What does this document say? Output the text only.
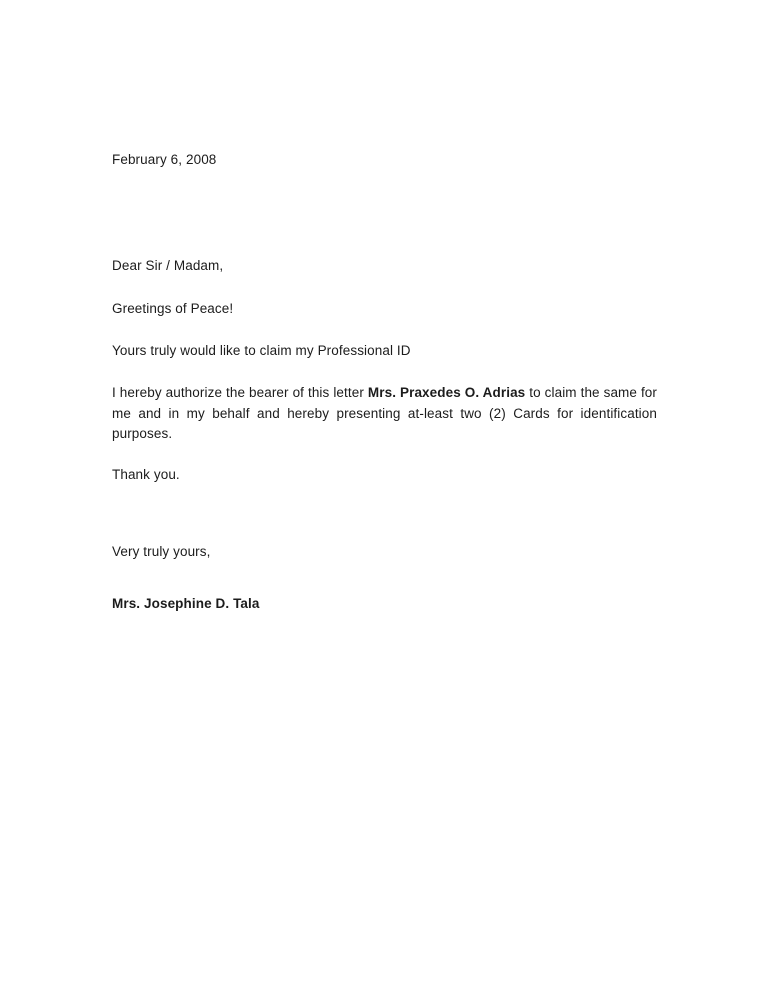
February 6, 2008
Dear Sir / Madam,
Greetings of Peace!
Yours truly would like to claim my Professional ID

I hereby authorize the bearer of this letter Mrs. Praxedes O. Adrias to claim the same for me and in my behalf and hereby presenting at-least two (2) Cards for identification purposes.

Thank you.
Very truly yours,
Mrs. Josephine D. Tala
